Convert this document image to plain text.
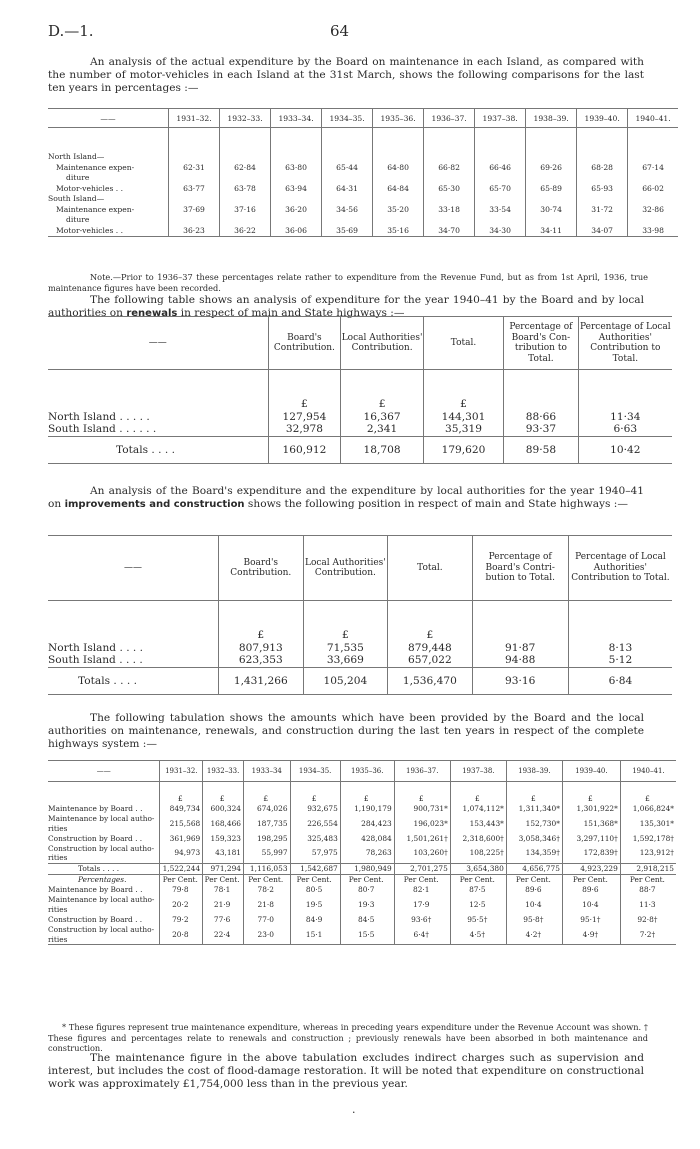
D.—1.	64
An analysis of the actual expenditure by the Board on maintenance in each Island, as compared with the number of motor-vehicles in each Island at the 31st March, shows the following comparisons for the last ten years in percentages :—
——	1931–32.	1932–33.	1933–34.	1934–35.	1935–36.	1936–37.	1937–38.	1938–39.	1939–40.	1940–41.

North Island—										
Maintenance expen-	62·31	62·84	63·80	65·44	64·80	66·82	66·46	69·26	68·28	67·14
diture										
Motor-vehicles . .	63·77	63·78	63·94	64·31	64·84	65·30	65·70	65·89	65·93	66·02
South Island—										
Maintenance expen-	37·69	37·16	36·20	34·56	35·20	33·18	33·54	30·74	31·72	32·86
diture										
Motor-vehicles . .	36·23	36·22	36·06	35·69	35·16	34·70	34·30	34·11	34·07	33·98
Note.—Prior to 1936–37 these percentages relate rather to expenditure from the Revenue Fund, but as from 1st April, 1936, true maintenance figures have been recorded.
The following table shows an analysis of expenditure for the year 1940–41 by the Board and by local authorities on renewals in respect of main and State highways :—
——	Board's Contribution.	Local Authorities' Contribution.	Total.	Percentage of Board's Con-tribution to Total.	Percentage of Local Authorities' Contribution to Total.

	£	£	£		
North Island . . . . .	127,954	16,367	144,301	88·66	11·34
South Island . . . . . .	32,978	2,341	35,319	93·37	6·63
Totals . . . .	160,912	18,708	179,620	89·58	10·42
An analysis of the Board's expenditure and the expenditure by local authorities for the year 1940–41 on improvements and construction shows the following position in respect of main and State highways :—
——	Board's Contribution.	Local Authorities' Contribution.	Total.	Percentage of Board's Contri-bution to Total.	Percentage of Local Authorities' Contribution to Total.

	£	£	£		
North Island . . . .	807,913	71,535	879,448	91·87	8·13
South Island . . . .	623,353	33,669	657,022	94·88	5·12
Totals . . . .	1,431,266	105,204	1,536,470	93·16	6·84
The following tabulation shows the amounts which have been provided by the Board and the local authorities on maintenance, renewals, and construction during the last ten years in respect of the complete highways system :—
——	1931–32.	1932–33.	1933–34	1934–35.	1935–36.	1936–37.	1937–38.	1938–39.	1939–40.	1940–41.

	£	£	£	£	£	£	£	£	£	£
Maintenance by Board . .	849,734	600,324	674,026	932,675	1,190,179	900,731*	1,074,112*	1,311,340*	1,301,922*	1,066,824*
Maintenance by local autho-rities	215,568	168,466	187,735	226,554	284,423	196,023*	153,443*	152,730*	151,368*	135,301*
Construction by Board . .	361,969	159,323	198,295	325,483	428,084	1,501,261†	2,318,600†	3,058,346†	3,297,110†	1,592,178†
Construction by local autho-rities	94,973	43,181	55,997	57,975	78,263	103,260†	108,225†	134,359†	172,839†	123,912†
Totals . . . .	1,522,244	971,294	1,116,053	1,542,687	1,980,949	2,701,275	3,654,380	4,656,775	4,923,229	2,918,215
Percentages.	Per Cent.	Per Cent.	Per Cent.	Per Cent.	Per Cent.	Per Cent.	Per Cent.	Per Cent.	Per Cent.	Per Cent.
Maintenance by Board . .	79·8	78·1	78·2	80·5	80·7	82·1	87·5	89·6	89·6	88·7
Maintenance by local autho-rities	20·2	21·9	21·8	19·5	19·3	17·9	12·5	10·4	10·4	11·3
Construction by Board . .	79·2	77·6	77·0	84·9	84·5	93·6†	95·5†	95·8†	95·1†	92·8†
Construction by local autho-rities	20·8	22·4	23·0	15·1	15·5	6·4†	4·5†	4·2†	4·9†	7·2†
* These figures represent true maintenance expenditure, whereas in preceding years expenditure under the Revenue Account was shown. † These figures and percentages relate to renewals and construction ; previously renewals have been absorbed in both maintenance and construction.
The maintenance figure in the above tabulation excludes indirect charges such as supervision and interest, but includes the cost of flood-damage restoration. It will be noted that expenditure on constructional work was approximately £1,754,000 less than in the previous year.
·
